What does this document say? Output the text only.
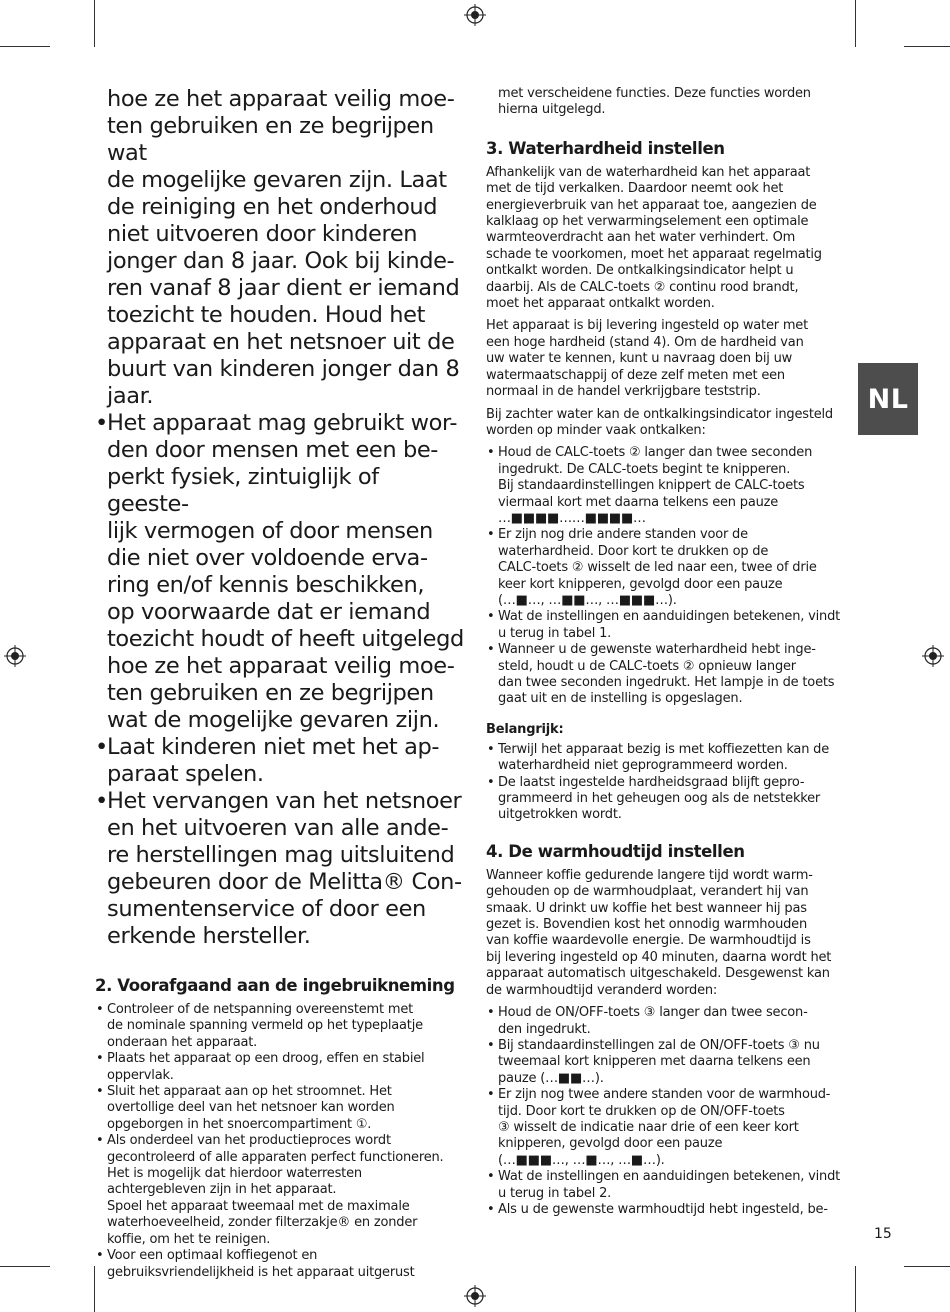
hoe ze het apparaat veilig moe-
ten gebruiken en ze begrijpen wat
de mogelijke gevaren zijn. Laat
de reiniging en het onderhoud
niet uitvoeren door kinderen
jonger dan 8 jaar. Ook bij kinde-
ren vanaf 8 jaar dient er iemand
toezicht te houden. Houd het
apparaat en het netsnoer uit de
buurt van kinderen jonger dan 8
jaar.

• Het apparaat mag gebruikt wor-
den door mensen met een be-
perkt fysiek, zintuiglijk of geeste-
lijk vermogen of door mensen
die niet over voldoende erva-
ring en/of kennis beschikken,
op voorwaarde dat er iemand
toezicht houdt of heeft uitgelegd
hoe ze het apparaat veilig moe-
ten gebruiken en ze begrijpen
wat de mogelijke gevaren zijn.
• Laat kinderen niet met het ap-
paraat spelen.
• Het vervangen van het netsnoer
en het uitvoeren van alle ande-
re herstellingen mag uitsluitend
gebeuren door de Melitta® Con-
sumentenservice of door een
erkende hersteller.
2. Voorafgaand aan de ingebruikneming
• Controleer of de netspanning overeenstemt met
de nominale spanning vermeld op het typeplaatje
onderaan het apparaat.
• Plaats het apparaat op een droog, effen en stabiel
oppervlak.
• Sluit het apparaat aan op het stroomnet. Het
overtollige deel van het netsnoer kan worden
opgeborgen in het snoercompartiment ①.
• Als onderdeel van het productieproces wordt
gecontroleerd of alle apparaten perfect functioneren.
Het is mogelijk dat hierdoor waterresten
achtergebleven zijn in het apparaat.
Spoel het apparaat tweemaal met de maximale
waterhoeveelheid, zonder filterzakje® en zonder
koffie, om het te reinigen.
• Voor een optimaal koffiegenot en
gebruiksvriendelijkheid is het apparaat uitgerust

met verscheidene functies. Deze functies worden
hierna uitgelegd.

3. Waterhardheid instellen

Afhankelijk van de waterhardheid kan het apparaat
met de tijd verkalken. Daardoor neemt ook het
energieverbruik van het apparaat toe, aangezien de
kalklaag op het verwarmingselement een optimale
warmteoverdracht aan het water verhindert. Om
schade te voorkomen, moet het apparaat regelmatig
ontkalkt worden. De ontkalkingsindicator helpt u
daarbij. Als de CALC-toets ② continu rood brandt,
moet het apparaat ontkalkt worden.

Het apparaat is bij levering ingesteld op water met
een hoge hardheid (stand 4). Om de hardheid van
uw water te kennen, kunt u navraag doen bij uw
watermaatschappij of deze zelf meten met een
normaal in de handel verkrijgbare teststrip.

Bij zachter water kan de ontkalkingsindicator ingesteld
worden op minder vaak ontkalken:

• Houd de CALC-toets ② langer dan twee seconden
ingedrukt. De CALC-toets begint te knipperen.
Bij standaardinstellingen knippert de CALC-toets
viermaal kort met daarna telkens een pauze
…■■■■……■■■■…
• Er zijn nog drie andere standen voor de
waterhardheid. Door kort te drukken op de
CALC-toets ② wisselt de led naar een, twee of drie
keer kort knipperen, gevolgd door een pauze
(…■…, …■■…, …■■■…).
• Wat de instellingen en aanduidingen betekenen, vindt
u terug in tabel 1.
• Wanneer u de gewenste waterhardheid hebt inge-
steld, houdt u de CALC-toets ② opnieuw langer
dan twee seconden ingedrukt. Het lampje in de toets
gaat uit en de instelling is opgeslagen.
Belangrijk:
• Terwijl het apparaat bezig is met koffiezetten kan de
waterhardheid niet geprogrammeerd worden.
• De laatst ingestelde hardheidsgraad blijft gepro-
grammeerd in het geheugen oog als de netstekker
uitgetrokken wordt.
4. De warmhoudtijd instellen

Wanneer koffie gedurende langere tijd wordt warm-
gehouden op de warmhoudplaat, verandert hij van
smaak. U drinkt uw koffie het best wanneer hij pas
gezet is. Bovendien kost het onnodig warmhouden
van koffie waardevolle energie. De warmhoudtijd is
bij levering ingesteld op 40 minuten, daarna wordt het
apparaat automatisch uitgeschakeld. Desgewenst kan
de warmhoudtijd veranderd worden:

• Houd de ON/OFF-toets ③ langer dan twee secon-
den ingedrukt.
• Bij standaardinstellingen zal de ON/OFF-toets ③ nu
tweemaal kort knipperen met daarna telkens een
pauze (…■■…).
• Er zijn nog twee andere standen voor de warmhoud-
tijd. Door kort te drukken op de ON/OFF-toets
③ wisselt de indicatie naar drie of een keer kort
knipperen, gevolgd door een pauze
(…■■■…, …■…, …■…).
• Wat de instellingen en aanduidingen betekenen, vindt
u terug in tabel 2.
• Als u de gewenste warmhoudtijd hebt ingesteld, be-
NL
15
